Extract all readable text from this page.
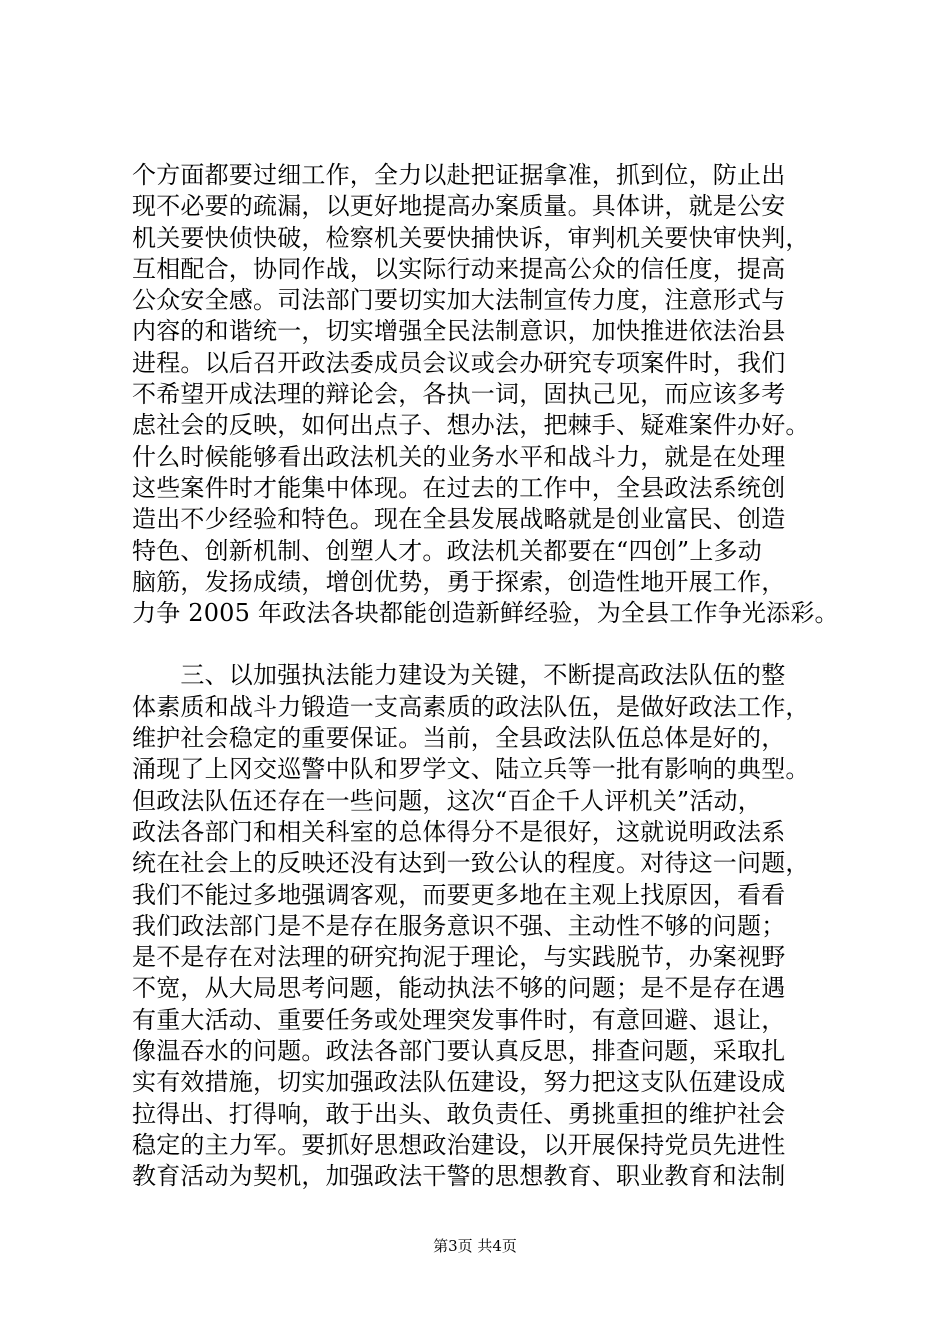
个方面都要过细工作，全力以赴把证据拿准，抓到位，防止出
现不必要的疏漏，以更好地提高办案质量。具体讲，就是公安
机关要快侦快破，检察机关要快捕快诉，审判机关要快审快判，
互相配合，协同作战，以实际行动来提高公众的信任度，提高
公众安全感。司法部门要切实加大法制宣传力度，注意形式与
内容的和谐统一，切实增强全民法制意识，加快推进依法治县
进程。以后召开政法委成员会议或会办研究专项案件时，我们
不希望开成法理的辩论会，各执一词，固执己见，而应该多考
虑社会的反映，如何出点子、想办法，把棘手、疑难案件办好。
什么时候能够看出政法机关的业务水平和战斗力，就是在处理
这些案件时才能集中体现。在过去的工作中，全县政法系统创
造出不少经验和特色。现在全县发展战略就是创业富民、创造
特色、创新机制、创塑人才。政法机关都要在“四创”上多动
脑筋，发扬成绩，增创优势，勇于探索，创造性地开展工作，
力争 2005 年政法各块都能创造新鲜经验，为全县工作争光添彩。
　　三、以加强执法能力建设为关键，不断提高政法队伍的整
体素质和战斗力锻造一支高素质的政法队伍，是做好政法工作，
维护社会稳定的重要保证。当前，全县政法队伍总体是好的，
涌现了上冈交巡警中队和罗学文、陆立兵等一批有影响的典型。
但政法队伍还存在一些问题，这次“百企千人评机关”活动，
政法各部门和相关科室的总体得分不是很好，这就说明政法系
统在社会上的反映还没有达到一致公认的程度。对待这一问题，
我们不能过多地强调客观，而要更多地在主观上找原因，看看
我们政法部门是不是存在服务意识不强、主动性不够的问题；
是不是存在对法理的研究拘泥于理论，与实践脱节，办案视野
不宽，从大局思考问题，能动执法不够的问题；是不是存在遇
有重大活动、重要任务或处理突发事件时，有意回避、退让，
像温吞水的问题。政法各部门要认真反思，排查问题，采取扎
实有效措施，切实加强政法队伍建设，努力把这支队伍建设成
拉得出、打得响，敢于出头、敢负责任、勇挑重担的维护社会
稳定的主力军。要抓好思想政治建设，以开展保持党员先进性
教育活动为契机，加强政法干警的思想教育、职业教育和法制
第3页 共4页
